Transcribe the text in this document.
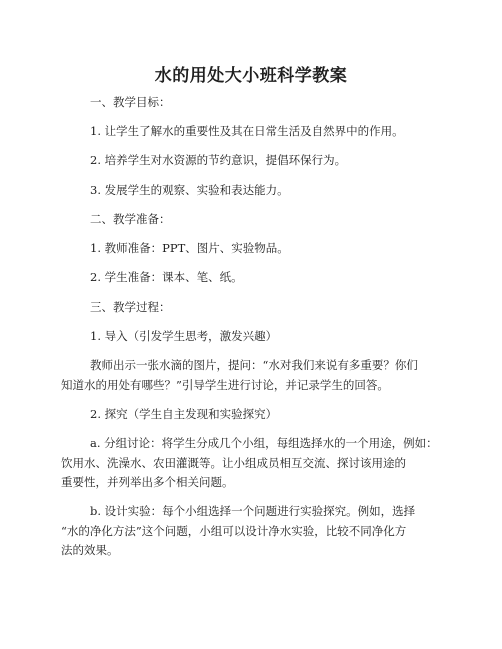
水的用处大小班科学教案
一、教学目标：
1. 让学生了解水的重要性及其在日常生活及自然界中的作用。
2. 培养学生对水资源的节约意识，提倡环保行为。
3. 发展学生的观察、实验和表达能力。
二、教学准备：
1. 教师准备：PPT、图片、实验物品。
2. 学生准备：课本、笔、纸。
三、教学过程：
1. 导入（引发学生思考，激发兴趣）
教师出示一张水滴的图片，提问：“水对我们来说有多重要？你们
知道水的用处有哪些？”引导学生进行讨论，并记录学生的回答。
2. 探究（学生自主发现和实验探究）
a. 分组讨论：将学生分成几个小组，每组选择水的一个用途，例如：
饮用水、洗澡水、农田灌溉等。让小组成员相互交流、探讨该用途的
重要性，并列举出多个相关问题。
b. 设计实验：每个小组选择一个问题进行实验探究。例如，选择
“水的净化方法”这个问题，小组可以设计净水实验，比较不同净化方
法的效果。
